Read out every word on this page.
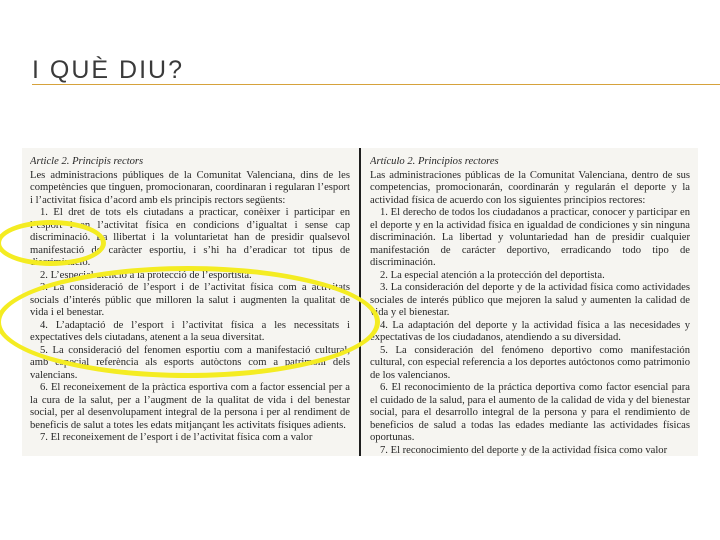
I QUÈ DIU?
Article 2. Principis rectors
Les administracions públiques de la Comunitat Valenciana, dins de les competències que tinguen, promocionaran, coordinaran i regularan l’esport i l’activitat física d’acord amb els principis rectors següents:
1. El dret de tots els ciutadans a practicar, conèixer i participar en l’esport i en l’activitat física en condicions d’igualtat i sense cap discriminació. La llibertat i la voluntarietat han de presidir qualsevol manifestació de caràcter esportiu, i s’hi ha d’eradicar tot tipus de discriminació.
2. L’especial atenció a la protecció de l’esportista.
3. La consideració de l’esport i de l’activitat física com a activitats socials d’interés públic que milloren la salut i augmenten la qualitat de vida i el benestar.
4. L’adaptació de l’esport i l’activitat física a les necessitats i expectatives dels ciutadans, atenent a la seua diversitat.
5. La consideració del fenomen esportiu com a manifestació cultural, amb especial referència als esports autòctons com a patrimoni dels valencians.
6. El reconeixement de la pràctica esportiva com a factor essencial per a la cura de la salut, per a l’augment de la qualitat de vida i del benestar social, per al desenvolupament integral de la persona i per al rendiment de beneficis de salut a totes les edats mitjançant les activitats físiques adients.
7. El reconeixement de l’esport i de l’activitat física com a valor
Artículo 2. Principios rectores
Las administraciones públicas de la Comunitat Valenciana, dentro de sus competencias, promocionarán, coordinarán y regularán el deporte y la actividad física de acuerdo con los siguientes principios rectores:
1. El derecho de todos los ciudadanos a practicar, conocer y participar en el deporte y en la actividad física en igualdad de condiciones y sin ninguna discriminación. La libertad y voluntariedad han de presidir cualquier manifestación de carácter deportivo, erradicando todo tipo de discriminación.
2. La especial atención a la protección del deportista.
3. La consideración del deporte y de la actividad física como actividades sociales de interés público que mejoren la salud y aumenten la calidad de vida y el bienestar.
4. La adaptación del deporte y la actividad física a las necesidades y expectativas de los ciudadanos, atendiendo a su diversidad.
5. La consideración del fenómeno deportivo como manifestación cultural, con especial referencia a los deportes autóctonos como patrimonio de los valencianos.
6. El reconocimiento de la práctica deportiva como factor esencial para el cuidado de la salud, para el aumento de la calidad de vida y del bienestar social, para el desarrollo integral de la persona y para el rendimiento de beneficios de salud a todas las edades mediante las actividades físicas oportunas.
7. El reconocimiento del deporte y de la actividad física como valor
